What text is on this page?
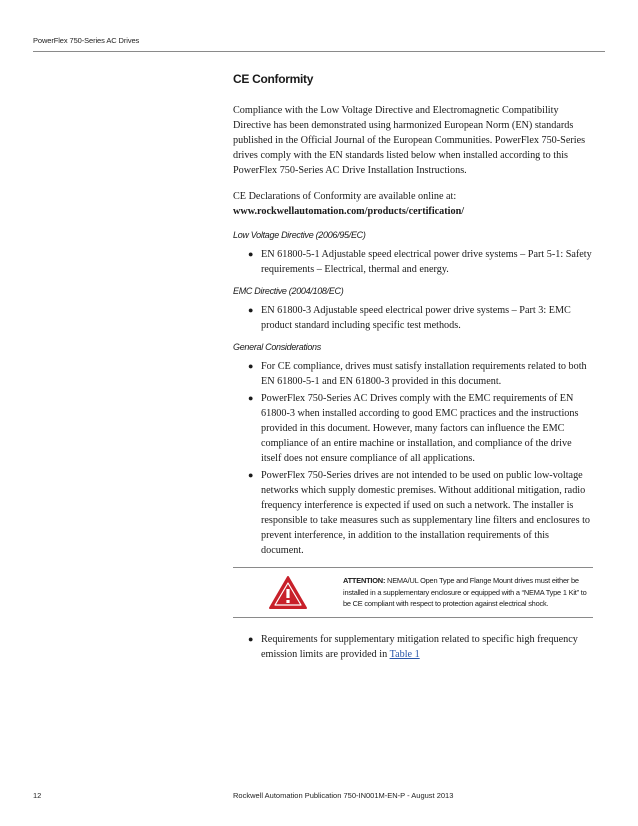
PowerFlex 750-Series AC Drives
CE Conformity

Compliance with the Low Voltage Directive and Electromagnetic Compatibility Directive has been demonstrated using harmonized European Norm (EN) standards published in the Official Journal of the European Communities. PowerFlex 750-Series drives comply with the EN standards listed below when installed according to this PowerFlex 750-Series AC Drive Installation Instructions.

CE Declarations of Conformity are available online at:
www.rockwellautomation.com/products/certification/

Low Voltage Directive (2006/95/EC)
● EN 61800-5-1 Adjustable speed electrical power drive systems – Part 5-1: Safety requirements – Electrical, thermal and energy.
EMC Directive (2004/108/EC)
● EN 61800-3 Adjustable speed electrical power drive systems – Part 3: EMC product standard including specific test methods.
General Considerations
● For CE compliance, drives must satisfy installation requirements related to both EN 61800-5-1 and EN 61800-3 provided in this document.
● PowerFlex 750-Series AC Drives comply with the EMC requirements of EN 61800-3 when installed according to good EMC practices and the instructions provided in this document. However, many factors can influence the EMC compliance of an entire machine or installation, and compliance of the drive itself does not ensure compliance of all applications.
● PowerFlex 750-Series drives are not intended to be used on public low-voltage networks which supply domestic premises. Without additional mitigation, radio frequency interference is expected if used on such a network. The installer is responsible to take measures such as supplementary line filters and enclosures to prevent interference, in addition to the installation requirements of this document.
ATTENTION: NEMA/UL Open Type and Flange Mount drives must either be installed in a supplementary enclosure or equipped with a “NEMA Type 1 Kit” to be CE compliant with respect to protection against electrical shock.
● Requirements for supplementary mitigation related to specific high frequency emission limits are provided in Table 1
12	Rockwell Automation Publication 750-IN001M-EN-P - August 2013
